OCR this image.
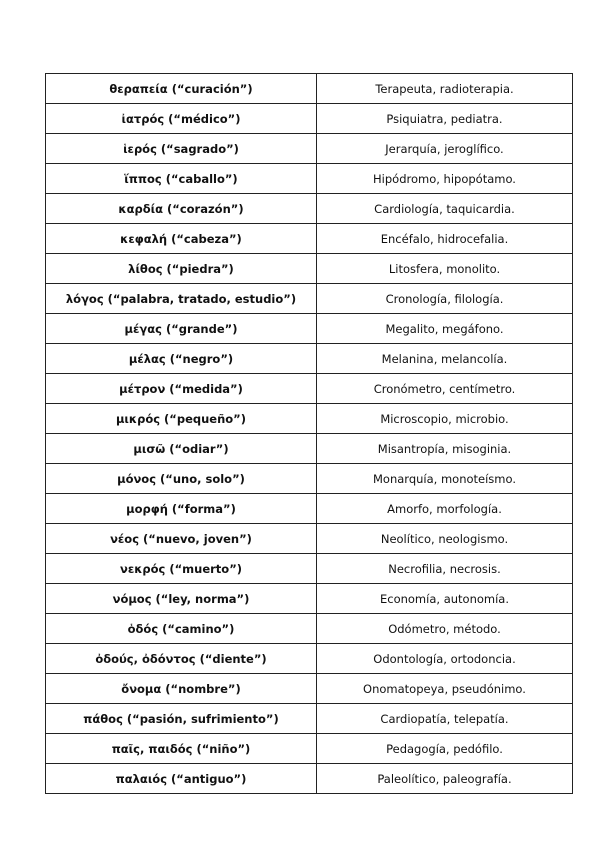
θεραπεία (“curación”)	Terapeuta, radioterapia.
ἰατρός (“médico”)	Psiquiatra, pediatra.
ἱερός (“sagrado”)	Jerarquía, jeroglífico.
ἵππος (“caballo”)	Hipódromo, hipopótamo.
καρδία (“corazón”)	Cardiología, taquicardia.
κεφαλή (“cabeza”)	Encéfalo, hidrocefalia.
λίθος (“piedra”)	Litosfera, monolito.
λόγος (“palabra, tratado, estudio”)	Cronología, filología.
μέγας (“grande”)	Megalito, megáfono.
μέλας (“negro”)	Melanina, melancolía.
μέτρον (“medida”)	Cronómetro, centímetro.
μικρός (“pequeño”)	Microscopio, microbio.
μισῶ (“odiar”)	Misantropía, misoginia.
μόνος (“uno, solo”)	Monarquía, monoteísmo.
μορφή (“forma”)	Amorfo, morfología.
νέος (“nuevo, joven”)	Neolítico, neologismo.
νεκρός (“muerto”)	Necrofilia, necrosis.
νόμος (“ley, norma”)	Economía, autonomía.
ὁδός (“camino”)	Odómetro, método.
ὀδούς, ὀδόντος (“diente”)	Odontología, ortodoncia.
ὄνομα (“nombre”)	Onomatopeya, pseudónimo.
πάθος (“pasión, sufrimiento”)	Cardiopatía, telepatía.
παῖς, παιδός (“niño”)	Pedagogía, pedófilo.
παλαιός (“antiguo”)	Paleolítico, paleografía.
